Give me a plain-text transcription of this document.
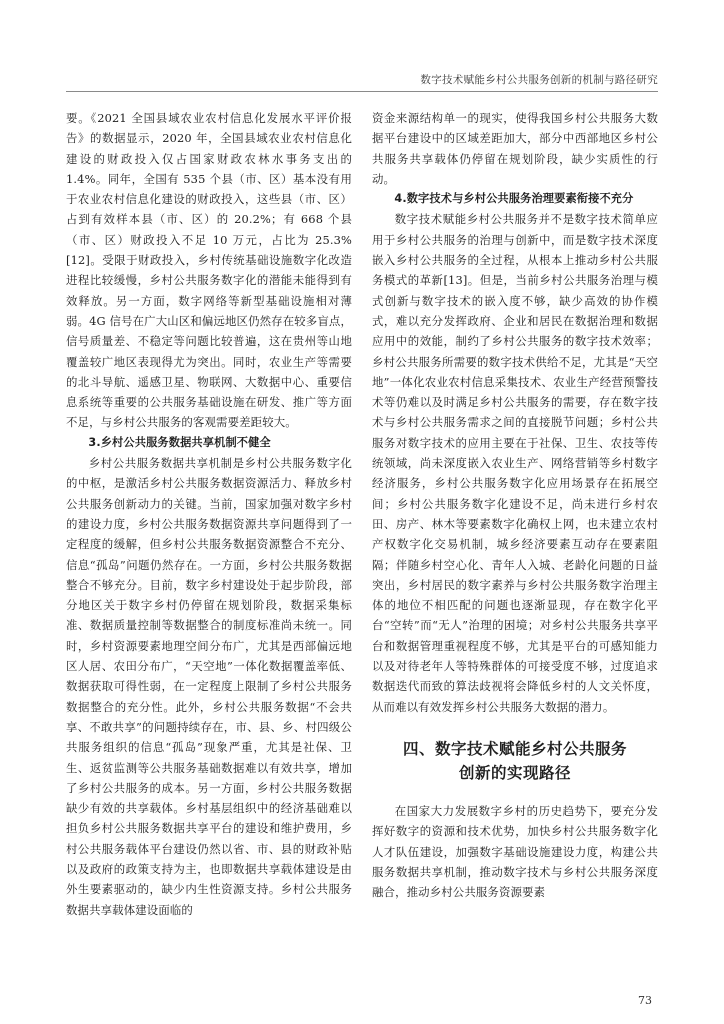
数字技术赋能乡村公共服务创新的机制与路径研究

要。《2021 全国县域农业农村信息化发展水平评价报告》的数据显示，2020 年，全国县域农业农村信息化建设的财政投入仅占国家财政农林水事务支出的 1.4%。同年，全国有 535 个县（市、区）基本没有用于农业农村信息化建设的财政投入，这些县（市、区）占到有效样本县（市、区）的 20.2%；有 668 个县（市、区）财政投入不足 10 万元，占比为 25.3%[12]。受限于财政投入，乡村传统基础设施数字化改造进程比较缓慢，乡村公共服务数字化的潜能未能得到有效释放。另一方面，数字网络等新型基础设施相对薄弱。4G 信号在广大山区和偏远地区仍然存在较多盲点，信号质量差、不稳定等问题比较普遍，这在贵州等山地覆盖较广地区表现得尤为突出。同时，农业生产等需要的北斗导航、遥感卫星、物联网、大数据中心、重要信息系统等重要的公共服务基础设施在研发、推广等方面不足，与乡村公共服务的客观需要差距较大。

3.乡村公共服务数据共享机制不健全

乡村公共服务数据共享机制是乡村公共服务数字化的中枢，是激活乡村公共服务数据资源活力、释放乡村公共服务创新动力的关键。当前，国家加强对数字乡村的建设力度，乡村公共服务数据资源共享问题得到了一定程度的缓解，但乡村公共服务数据资源整合不充分、信息“孤岛”问题仍然存在。一方面，乡村公共服务数据整合不够充分。目前，数字乡村建设处于起步阶段，部分地区关于数字乡村仍停留在规划阶段，数据采集标准、数据质量控制等数据整合的制度标准尚未统一。同时，乡村资源要素地理空间分布广，尤其是西部偏远地区人居、农田分布广，“天空地”一体化数据覆盖率低、数据获取可得性弱，在一定程度上限制了乡村公共服务数据整合的充分性。此外，乡村公共服务数据“不会共享、不敢共享”的问题持续存在，市、县、乡、村四级公共服务组织的信息“孤岛”现象严重，尤其是社保、卫生、返贫监测等公共服务基础数据难以有效共享，增加了乡村公共服务的成本。另一方面，乡村公共服务数据缺少有效的共享载体。乡村基层组织中的经济基础难以担负乡村公共服务数据共享平台的建设和维护费用，乡村公共服务载体平台建设仍然以省、市、县的财政补贴以及政府的政策支持为主，也即数据共享载体建设是由外生要素驱动的，缺少内生性资源支持。乡村公共服务数据共享载体建设面临的

资金来源结构单一的现实，使得我国乡村公共服务大数据平台建设中的区域差距加大，部分中西部地区乡村公共服务共享载体仍停留在规划阶段，缺少实质性的行动。

4.数字技术与乡村公共服务治理要素衔接不充分

数字技术赋能乡村公共服务并不是数字技术简单应用于乡村公共服务的治理与创新中，而是数字技术深度嵌入乡村公共服务的全过程，从根本上推动乡村公共服务模式的革新[13]。但是，当前乡村公共服务治理与模式创新与数字技术的嵌入度不够，缺少高效的协作模式，难以充分发挥政府、企业和居民在数据治理和数据应用中的效能，制约了乡村公共服务的数字技术效率；乡村公共服务所需要的数字技术供给不足，尤其是“天空地”一体化农业农村信息采集技术、农业生产经营预警技术等仍难以及时满足乡村公共服务的需要，存在数字技术与乡村公共服务需求之间的直接脱节问题；乡村公共服务对数字技术的应用主要在于社保、卫生、农技等传统领域，尚未深度嵌入农业生产、网络营销等乡村数字经济服务，乡村公共服务数字化应用场景存在拓展空间；乡村公共服务数字化建设不足，尚未进行乡村农田、房产、林木等要素数字化确权上网，也未建立农村产权数字化交易机制，城乡经济要素互动存在要素阻隔；伴随乡村空心化、青年人入城、老龄化问题的日益突出，乡村居民的数字素养与乡村公共服务数字治理主体的地位不相匹配的问题也逐渐显现，存在数字化平台“空转”而“无人”治理的困境；对乡村公共服务共享平台和数据管理重视程度不够，尤其是平台的可感知能力以及对待老年人等特殊群体的可接受度不够，过度追求数据迭代而致的算法歧视将会降低乡村的人文关怀度，从而难以有效发挥乡村公共服务大数据的潜力。

四、数字技术赋能乡村公共服务
创新的实现路径

在国家大力发展数字乡村的历史趋势下，要充分发挥好数字的资源和技术优势，加快乡村公共服务数字化人才队伍建设，加强数字基础设施建设力度，构建公共服务数据共享机制，推动数字技术与乡村公共服务深度融合，推动乡村公共服务资源要素

73
